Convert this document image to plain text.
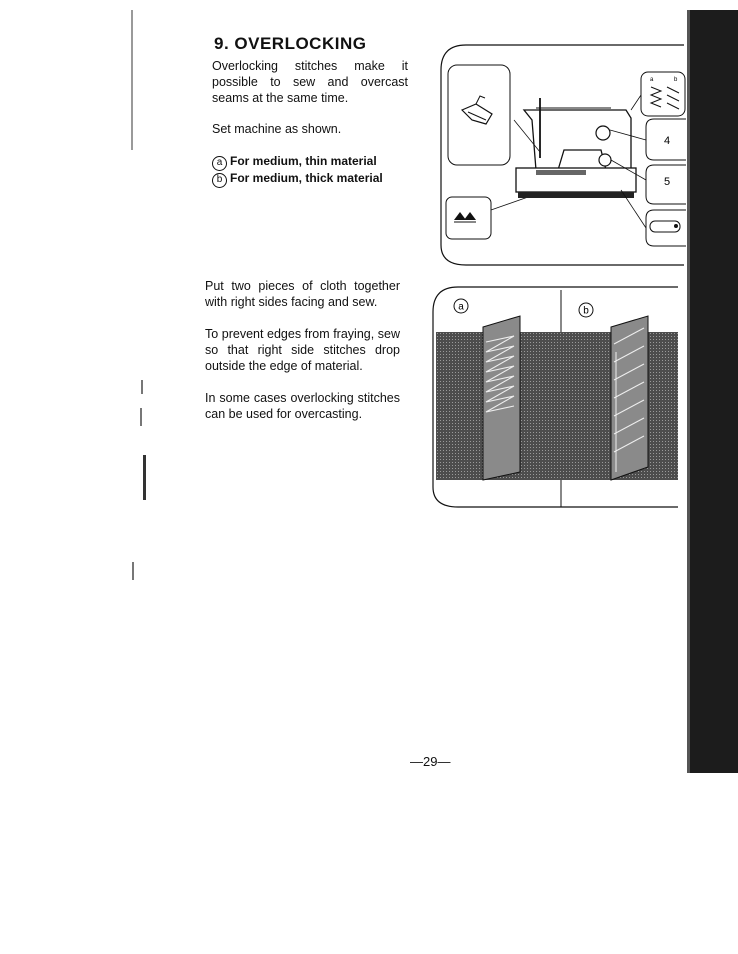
9. OVERLOCKING

Overlocking stitches make it possible to sew and overcast seams at the same time.

Set machine as shown.

a For medium, thin material
b For medium, thick material

Put two pieces of cloth together with right sides facing and sew.

To prevent edges from fraying, sew so that right side stitches drop outside the edge of material.

In some cases overlocking stitches can be used for overcasting.

a	b
4
5
a	b
—29—
